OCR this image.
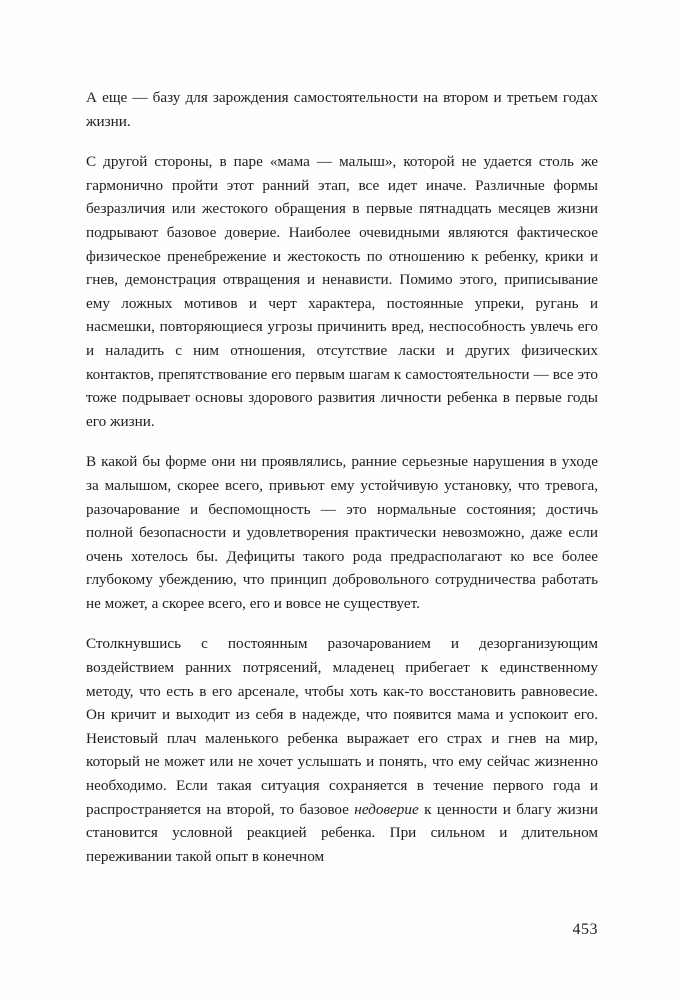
А еще — базу для зарождения самостоятельности на втором и третьем годах жизни.

С другой стороны, в паре «мама — малыш», которой не удается столь же гармонично пройти этот ранний этап, все идет иначе. Различные формы безразличия или жестокого обращения в первые пятнадцать месяцев жизни подрывают базовое доверие. Наиболее очевидными являются фактическое физическое пренебрежение и жестокость по отношению к ребенку, крики и гнев, демонстрация отвращения и ненависти. Помимо этого, приписывание ему ложных мотивов и черт характера, постоянные упреки, ругань и насмешки, повторяющиеся угрозы причинить вред, неспособность увлечь его и наладить с ним отношения, отсутствие ласки и других физических контактов, препятствование его первым шагам к самостоятельности — все это тоже подрывает основы здорового развития личности ребенка в первые годы его жизни.

В какой бы форме они ни проявлялись, ранние серьезные нарушения в уходе за малышом, скорее всего, привьют ему устойчивую установку, что тревога, разочарование и беспомощность — это нормальные состояния; достичь полной безопасности и удовлетворения практически невозможно, даже если очень хотелось бы. Дефициты такого рода предрасполагают ко все более глубокому убеждению, что принцип добровольного сотрудничества работать не может, а скорее всего, его и вовсе не существует.

Столкнувшись с постоянным разочарованием и дезорганизующим воздействием ранних потрясений, младенец прибегает к единственному методу, что есть в его арсенале, чтобы хоть как-то восстановить равновесие. Он кричит и выходит из себя в надежде, что появится мама и успокоит его. Неистовый плач маленького ребенка выражает его страх и гнев на мир, который не может или не хочет услышать и понять, что ему сейчас жизненно необходимо. Если такая ситуация сохраняется в течение первого года и распространяется на второй, то базовое недоверие к ценности и благу жизни становится условной реакцией ребенка. При сильном и длительном переживании такой опыт в конечном

453
